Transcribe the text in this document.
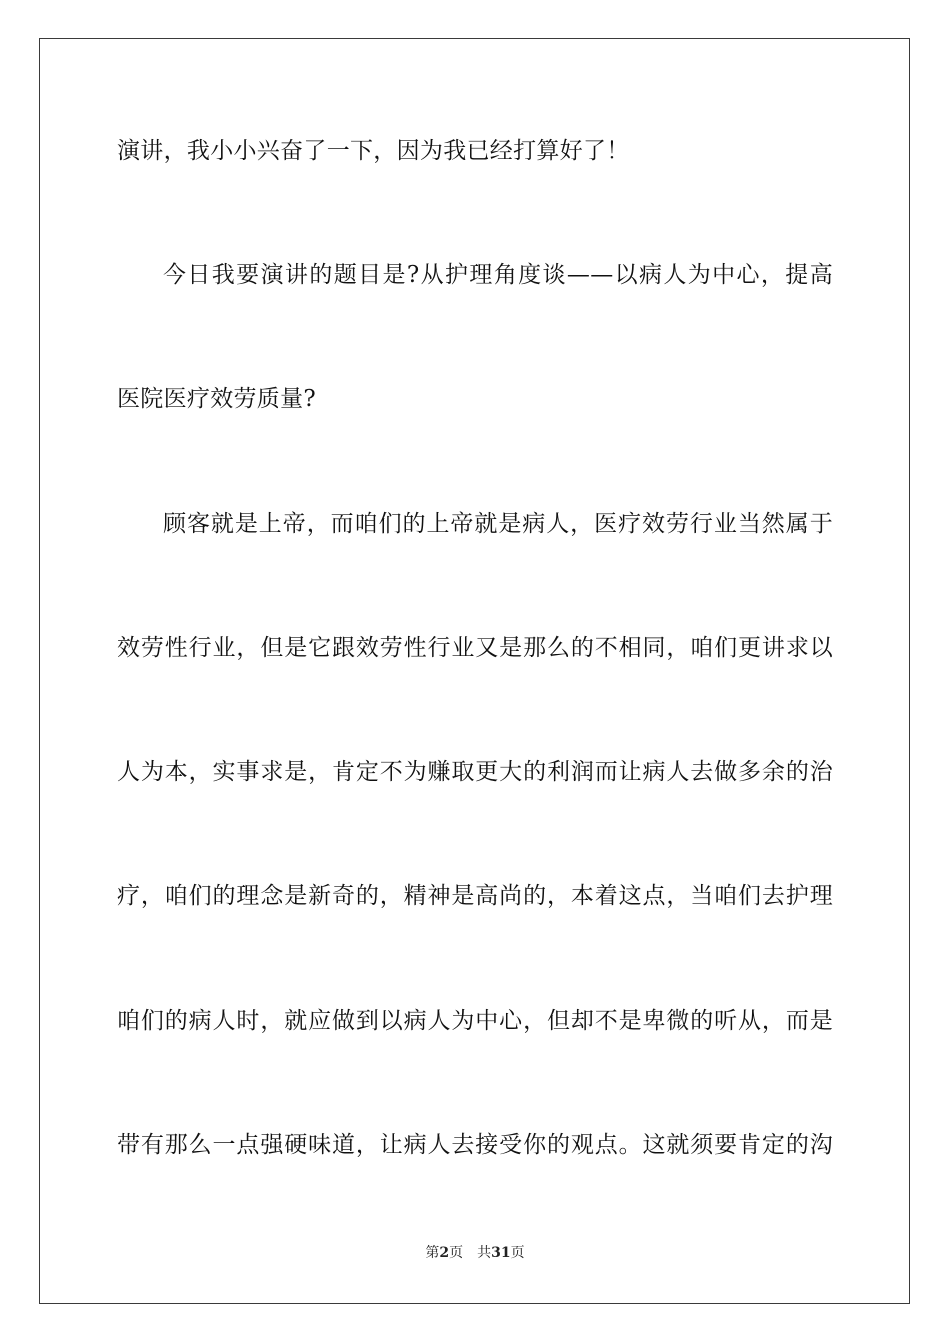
演讲，我小小兴奋了一下，因为我已经打算好了！
今日我要演讲的题目是?从护理角度谈——以病人为中心，提高
医院医疗效劳质量?
顾客就是上帝，而咱们的上帝就是病人，医疗效劳行业当然属于
效劳性行业，但是它跟效劳性行业又是那么的不相同，咱们更讲求以
人为本，实事求是，肯定不为赚取更大的利润而让病人去做多余的治
疗，咱们的理念是新奇的，精神是高尚的，本着这点，当咱们去护理
咱们的病人时，就应做到以病人为中心，但却不是卑微的听从，而是
带有那么一点强硬味道，让病人去接受你的观点。这就须要肯定的沟
第2页 共31页
